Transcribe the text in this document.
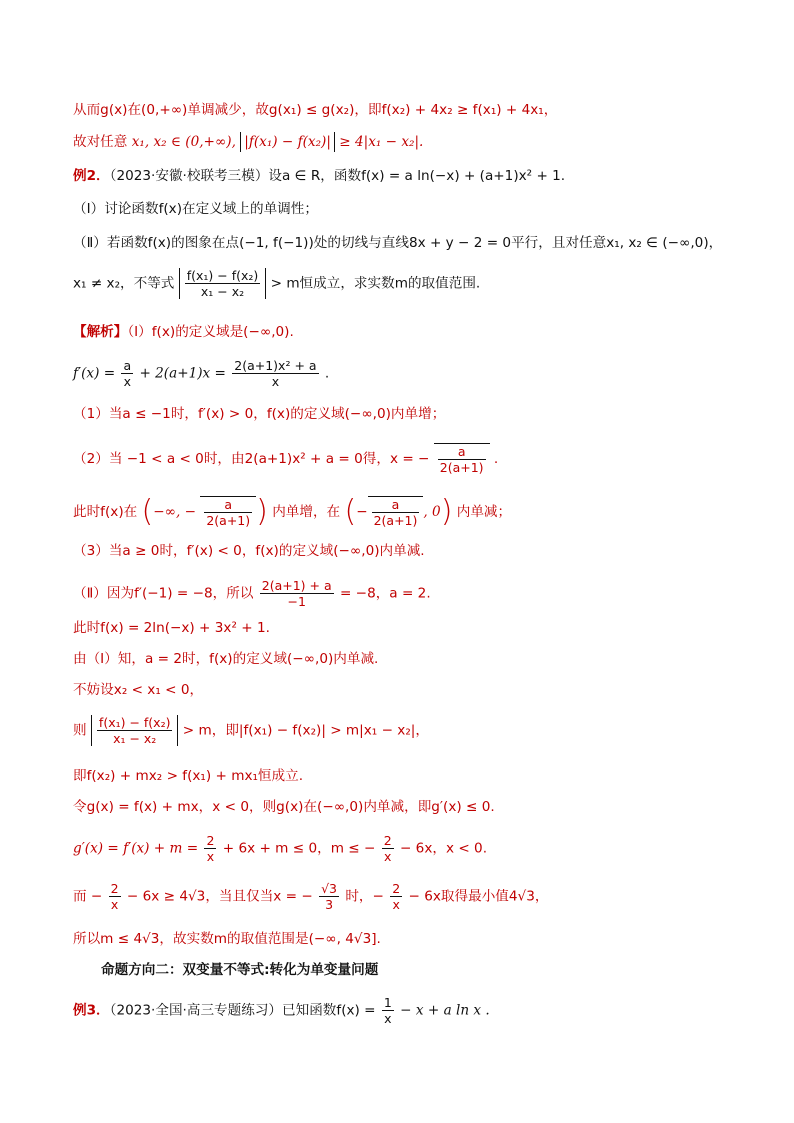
从而g(x)在(0,+∞)单调减少，故g(x₁) ≤ g(x₂)，即f(x₂) + 4x₂ ≥ f(x₁) + 4x₁，
故对任意 x₁, x₂ ∈ (0,+∞), |f(x₁) − f(x₂)| ≥ 4|x₁ − x₂|.
例2．（2023·安徽·校联考三模）设a ∈ R，函数f(x) = a ln(−x) + (a+1)x² + 1.
（Ⅰ）讨论函数f(x)在定义域上的单调性；
（Ⅱ）若函数f(x)的图象在点(−1, f(−1))处的切线与直线8x + y − 2 = 0平行，且对任意x₁, x₂ ∈ (−∞,0)，
x₁ ≠ x₂，不等式 $\frac{\text{f(x₁) − f(x₂)}}{\text{x₁ − x₂}} > m$恒成立，求实数m的取值范围.
【解析】（Ⅰ）f(x)的定义域是(−∞,0).
$f'(x) = \frac{a}{x} + 2(a+1)x = \frac{\text{2(a+1)x² + a}}{x}$ .
（1）当a ≤ −1时，f′(x) > 0，f(x)的定义域(−∞,0)内单增；
（2）当 −1 < a < 0时，由2(a+1)x² + a = 0得，x = − $\frac{a}{2(a+1)}$ .
此时f(x)在 (−∞, − $\frac{a}{2(a+1)}$ ) 内单增，在 (− $\frac{a}{2(a+1)}$ , 0) 内单减；
（3）当a ≥ 0时，f′(x) < 0，f(x)的定义域(−∞,0)内单减.
（Ⅱ）因为f′(−1) = −8，所以 $\frac{2(a+1) + a}{-1} = -8$，a = 2.
此时f(x) = 2ln(−x) + 3x² + 1.
由（Ⅰ）知，a = 2时，f(x)的定义域(−∞,0)内单减.
不妨设x₂ < x₁ < 0，
则 $\frac{\text{f(x₁) − f(x₂)}}{\text{x₁ − x₂}} > m$，即|f(x₁) − f(x₂)| > m|x₁ − x₂|，
即f(x₂) + mx₂ > f(x₁) + mx₁恒成立.
令g(x) = f(x) + mx，x < 0，则g(x)在(−∞,0)内单减，即g′(x) ≤ 0.
$g'(x) = f'(x) + m = \frac{2}{x} + 6x + m \le 0$，m ≤ − $\frac{2}{x} - 6x$，x < 0.
而 − $\frac{2}{x} - 6x \ge 4√3$，当且仅当x = − $\frac{√3}{3}$ 时，− $\frac{2}{x} - 6x$取得最小值4√3，
所以m ≤ 4√3，故实数m的取值范围是(−∞, 4√3].
命题方向二：双变量不等式:转化为单变量问题
例3．（2023·全国·高三专题练习）已知函数$f(x) = \frac{1}{x} - x + a$ ln x .
